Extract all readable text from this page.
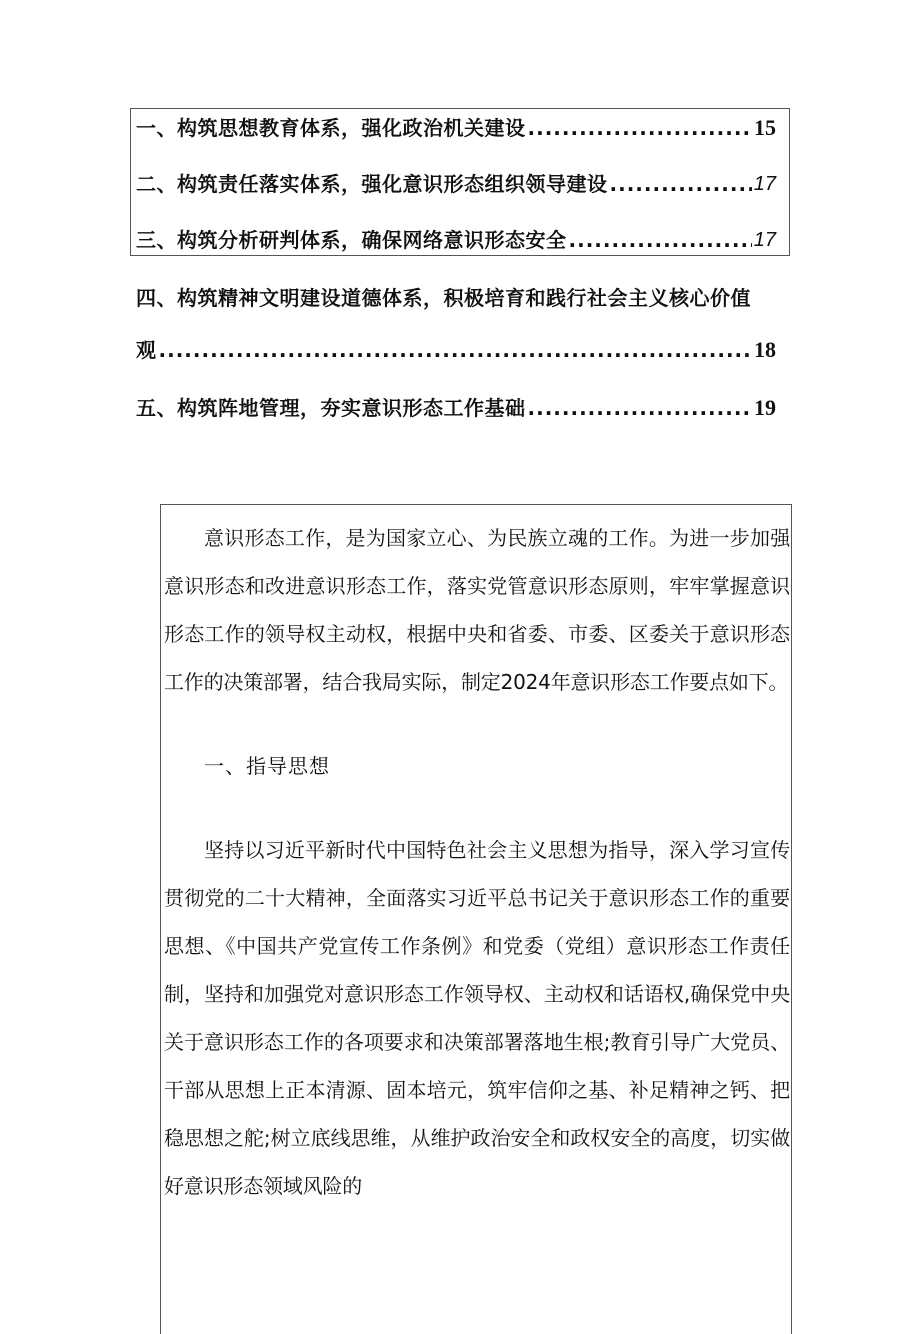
一、构筑思想教育体系，强化政治机关建设 .....	15
二、构筑责任落实体系，强化意识形态组织领导建设 .....	17
三、构筑分析研判体系，确保网络意识形态安全 .....	17
四、构筑精神文明建设道德体系，积极培育和践行社会主义核心价值
观 .....	18
五、构筑阵地管理，夯实意识形态工作基础 .....	19
意识形态工作，是为国家立心、为民族立魂的工作。为进一步加强意识形态和改进意识形态工作，落实党管意识形态原则，牢牢掌握意识形态工作的领导权主动权，根据中央和省委、市委、区委关于意识形态工作的决策部署，结合我局实际，制定2024年意识形态工作要点如下。
一、指导思想
坚持以习近平新时代中国特色社会主义思想为指导，深入学习宣传贯彻党的二十大精神，全面落实习近平总书记关于意识形态工作的重要思想、《中国共产党宣传工作条例》和党委（党组）意识形态工作责任制，坚持和加强党对意识形态工作领导权、主动权和话语权,确保党中央关于意识形态工作的各项要求和决策部署落地生根;教育引导广大党员、干部从思想上正本清源、固本培元，筑牢信仰之基、补足精神之钙、把稳思想之舵;树立底线思维，从维护政治安全和政权安全的高度，切实做好意识形态领域风险的
